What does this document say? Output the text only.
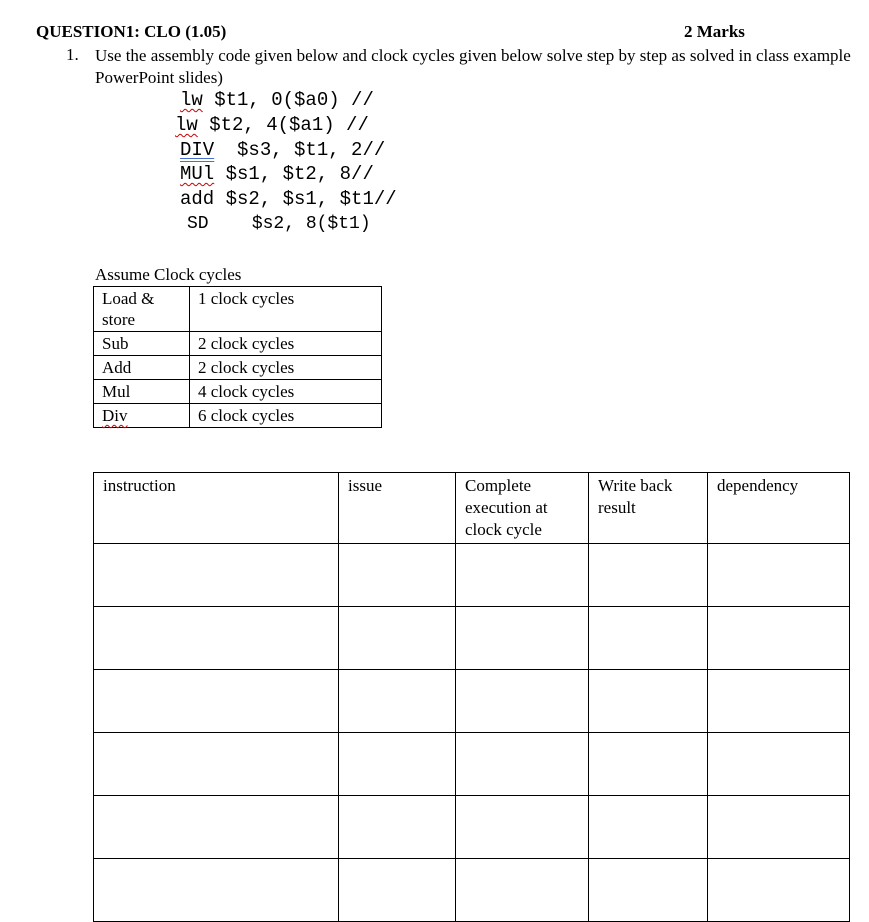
QUESTION1: CLO (1.05)	2 Marks
1. Use the assembly code given below and clock cycles given below solve step by step as solved in class example PowerPoint slides)
lw $t1, 0($a0) //
lw $t2, 4($a1) //
DIV  $s3, $t1, 2//
MUl $s1, $t2, 8//
add $s2, $s1, $t1//
SD    $s2, 8($t1)
Assume Clock cycles
Load & store	1 clock cycles
Sub	2 clock cycles
Add	2 clock cycles
Mul	4 clock cycles
Div	6 clock cycles
instruction	issue	Complete execution at clock cycle	Write back result	dependency
